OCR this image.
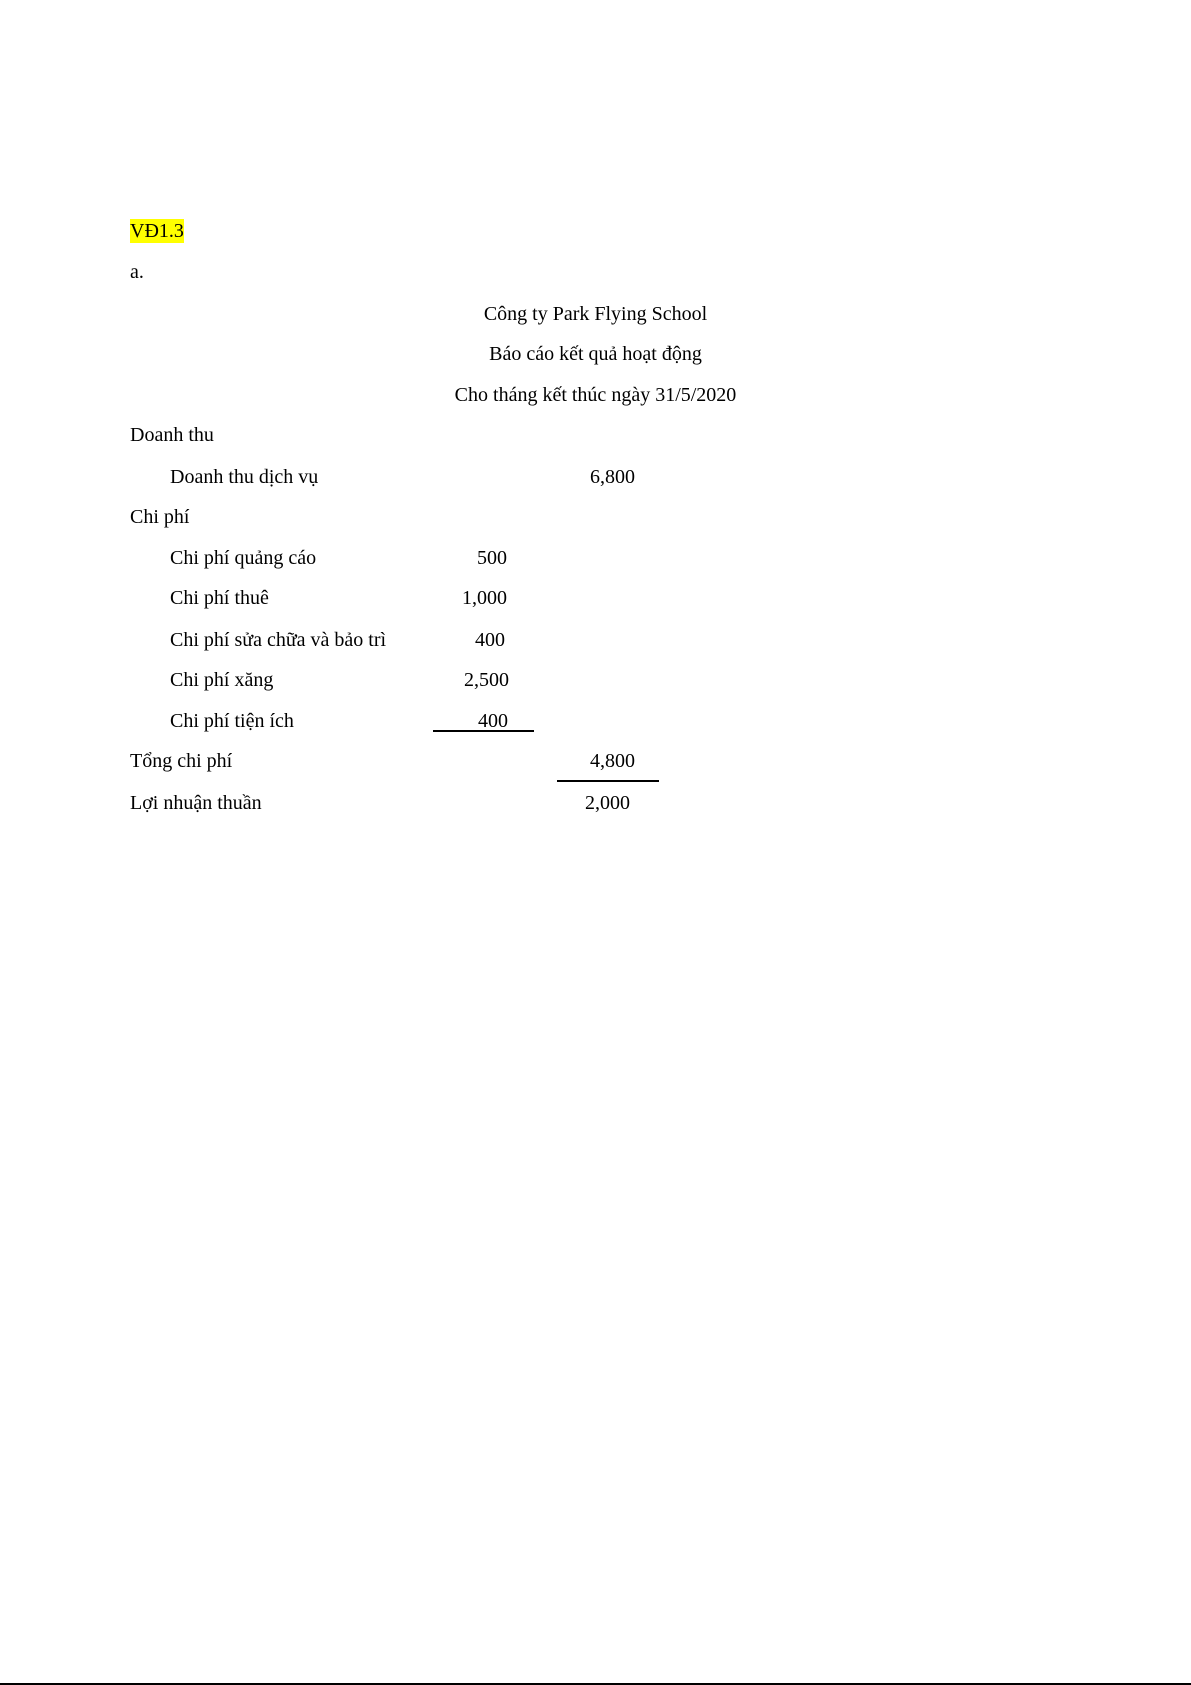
VĐ1.3
a.
Công ty Park Flying School
Báo cáo kết quả hoạt động
Cho tháng kết thúc ngày 31/5/2020
Doanh thu
Doanh thu dịch vụ	6,800
Chi phí
Chi phí quảng cáo	500
Chi phí thuê	1,000
Chi phí sửa chữa và bảo trì	400
Chi phí xăng	2,500
Chi phí tiện ích	400
Tổng chi phí	4,800
Lợi nhuận thuần	2,000
